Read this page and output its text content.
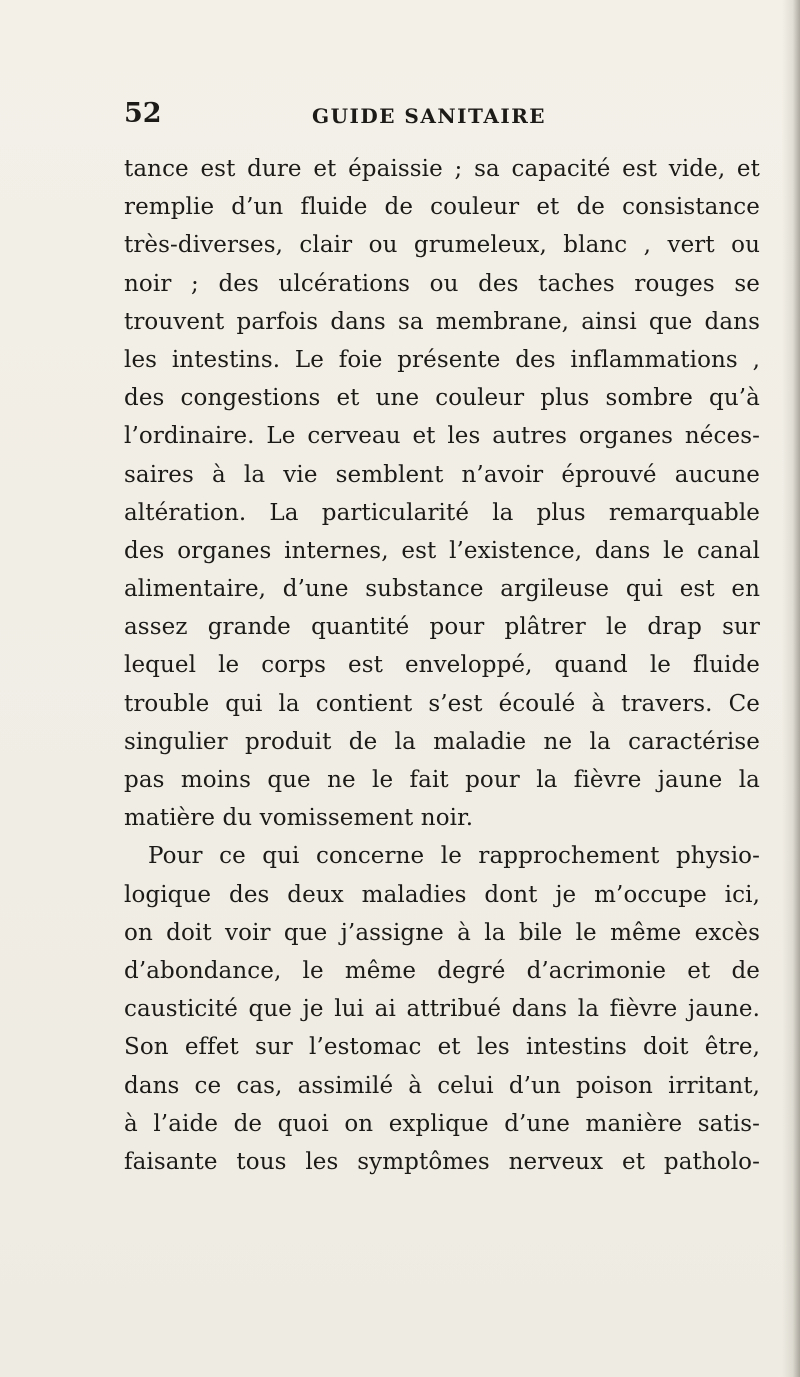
52	GUIDE SANITAIRE
tance est dure et épaissie ; sa capacité est vide, et
remplie d’un fluide de couleur et de consistance
très-diverses, clair ou grumeleux, blanc , vert ou
noir ; des ulcérations ou des taches rouges se
trouvent parfois dans sa membrane, ainsi que dans
les intestins. Le foie présente des inflammations ,
des congestions et une couleur plus sombre qu’à
l’ordinaire. Le cerveau et les autres organes néces-
saires à la vie semblent n’avoir éprouvé aucune
altération. La particularité la plus remarquable
des organes internes, est l’existence, dans le canal
alimentaire, d’une substance argileuse qui est en
assez grande quantité pour plâtrer le drap sur
lequel le corps est enveloppé, quand le fluide
trouble qui la contient s’est écoulé à travers. Ce
singulier produit de la maladie ne la caractérise
pas moins que ne le fait pour la fièvre jaune la
matière du vomissement noir.
Pour ce qui concerne le rapprochement physio-
logique des deux maladies dont je m’occupe ici,
on doit voir que j’assigne à la bile le même excès
d’abondance, le même degré d’acrimonie et de
causticité que je lui ai attribué dans la fièvre jaune.
Son effet sur l’estomac et les intestins doit être,
dans ce cas, assimilé à celui d’un poison irritant,
à l’aide de quoi on explique d’une manière satis-
faisante tous les symptômes nerveux et patholo-
